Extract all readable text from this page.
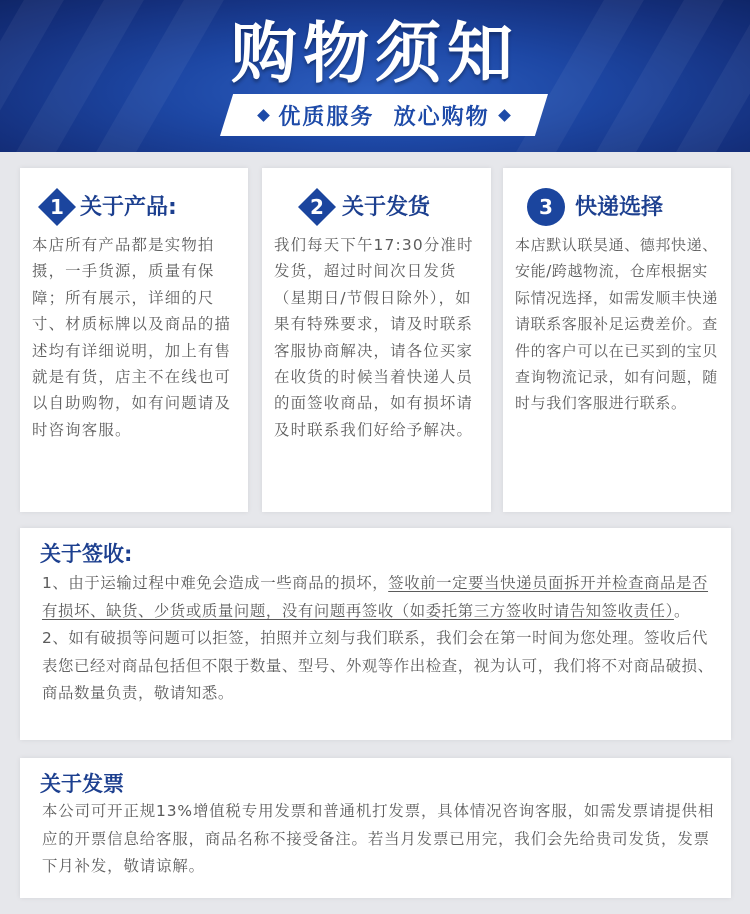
购物须知
优质服务  放心购物
1 关于产品:
本店所有产品都是实物拍摄，一手货源，质量有保障；所有展示，详细的尺寸、材质标牌以及商品的描述均有详细说明，加上有售就是有货，店主不在线也可以自助购物，如有问题请及时咨询客服。
2 关于发货
我们每天下午17:30分准时发货，超过时间次日发货（星期日/节假日除外），如果有特殊要求，请及时联系客服协商解决，请各位买家在收货的时候当着快递人员的面签收商品，如有损坏请及时联系我们好给予解决。
3	快递选择
本店默认联昊通、德邦快递、安能/跨越物流，仓库根据实际情况选择，如需发顺丰快递请联系客服补足运费差价。查件的客户可以在已买到的宝贝查询物流记录，如有问题，随时与我们客服进行联系。
关于签收:
1、由于运输过程中难免会造成一些商品的损坏，签收前一定要当快递员面拆开并检查商品是否有损坏、缺货、少货或质量问题，没有问题再签收（如委托第三方签收时请告知签收责任）。
2、如有破损等问题可以拒签，拍照并立刻与我们联系，我们会在第一时间为您处理。签收后代表您已经对商品包括但不限于数量、型号、外观等作出检查，视为认可，我们将不对商品破损、商品数量负责，敬请知悉。
关于发票
本公司可开正规13%增值税专用发票和普通机打发票，具体情况咨询客服，如需发票请提供相应的开票信息给客服，商品名称不接受备注。若当月发票已用完，我们会先给贵司发货，发票下月补发，敬请谅解。
